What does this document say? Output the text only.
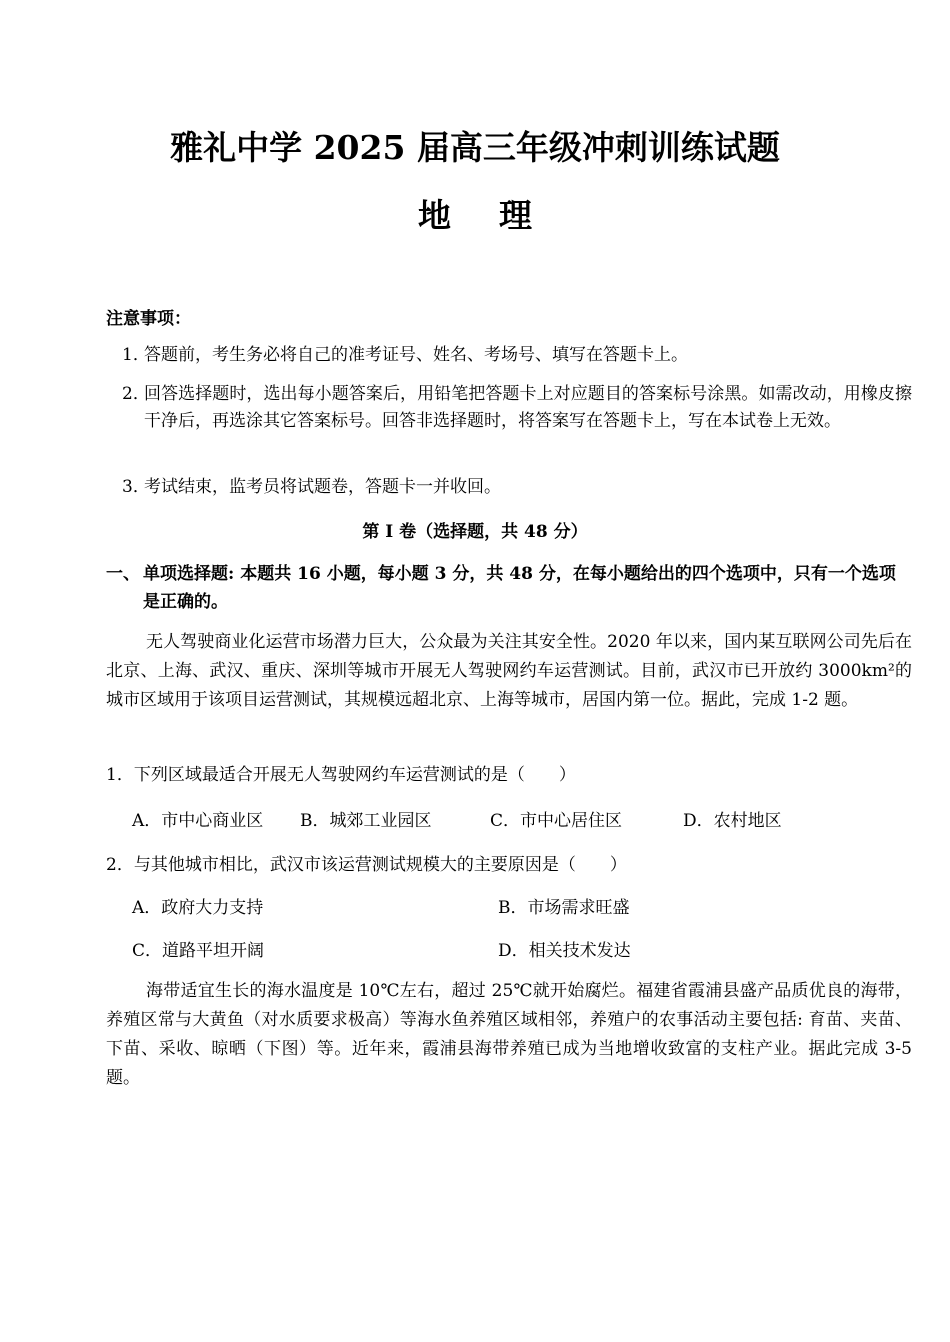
雅礼中学 2025 届高三年级冲刺训练试题
地 理
注意事项：
1．
答题前，考生务必将自己的准考证号、姓名、考场号、填写在答题卡上。
2．
回答选择题时，选出每小题答案后，用铅笔把答题卡上对应题目的答案标号涂黑。如需改动，用橡皮擦干净后，再选涂其它答案标号。回答非选择题时，将答案写在答题卡上，写在本试卷上无效。
3．
考试结束，监考员将试题卷，答题卡一并收回。
第 I 卷（选择题，共 48 分）
一、 单项选择题: 本题共 16 小题，每小题 3 分，共 48 分，在每小题给出的四个选项中，只有一个选项是正确的。
无人驾驶商业化运营市场潜力巨大，公众最为关注其安全性。2020 年以来，国内某互联网公司先后在北京、上海、武汉、重庆、深圳等城市开展无人驾驶网约车运营测试。目前，武汉市已开放约 3000km²的城市区域用于该项目运营测试，其规模远超北京、上海等城市，居国内第一位。据此，完成 1-2 题。
1．下列区域最适合开展无人驾驶网约车运营测试的是（　　）
A．市中心商业区 B．城郊工业园区	C．市中心居住区	D．农村地区
2．与其他城市相比，武汉市该运营测试规模大的主要原因是（　　）
A．政府大力支持	B．市场需求旺盛
C．道路平坦开阔	D．相关技术发达
海带适宜生长的海水温度是 10℃左右，超过 25℃就开始腐烂。福建省霞浦县盛产品质优良的海带，养殖区常与大黄鱼（对水质要求极高）等海水鱼养殖区域相邻，养殖户的农事活动主要包括: 育苗、夹苗、下苗、采收、晾晒（下图）等。近年来，霞浦县海带养殖已成为当地增收致富的支柱产业。据此完成 3-5 题。
